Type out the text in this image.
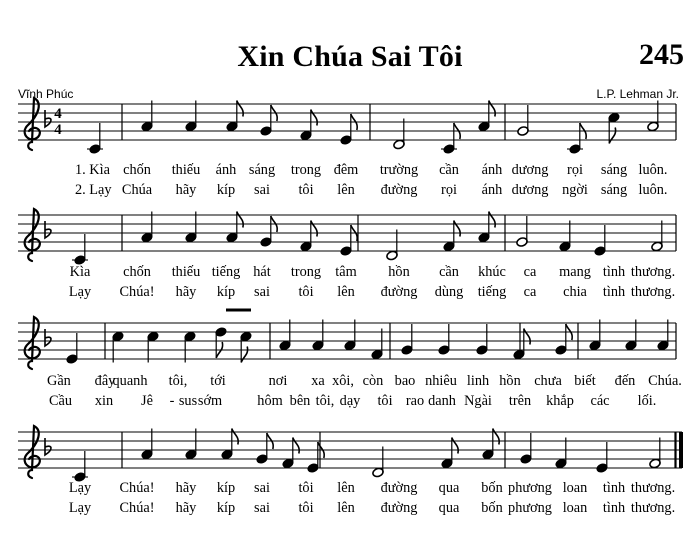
Xin Chúa Sai Tôi	245
Vĩnh Phúc	L.P. Lehman Jr.
4
4
1. Kìa chốn thiếu ánh sáng trong đêm trường cần ánh dương rọi sáng luôn.
2. Lạy Chúa hãy kíp sai tôi lên đường rọi ánh dương ngời sáng luôn.
Kìa chốn thiếu tiếng hát trong tâm hồn cần khúc ca mang tình thương.
Lạy Chúa! hãy kíp sai tôi lên đường dùng tiếng ca chia tình thương.
Gần đây
quanh tôi, tới	nơi xa xôi, còn bao nhiêu linh hồn chưa biết đến Chúa.
Cầu xin Jê - sus sớm hôm bên tôi, dạy tôi rao danh Ngài trên khắp các lối.
Lạy Chúa! hãy kíp sai tôi lên đường qua bốn phương loan tình thương.
Lạy Chúa! hãy kíp sai tôi lên đường qua bốn phương loan tình thương.
